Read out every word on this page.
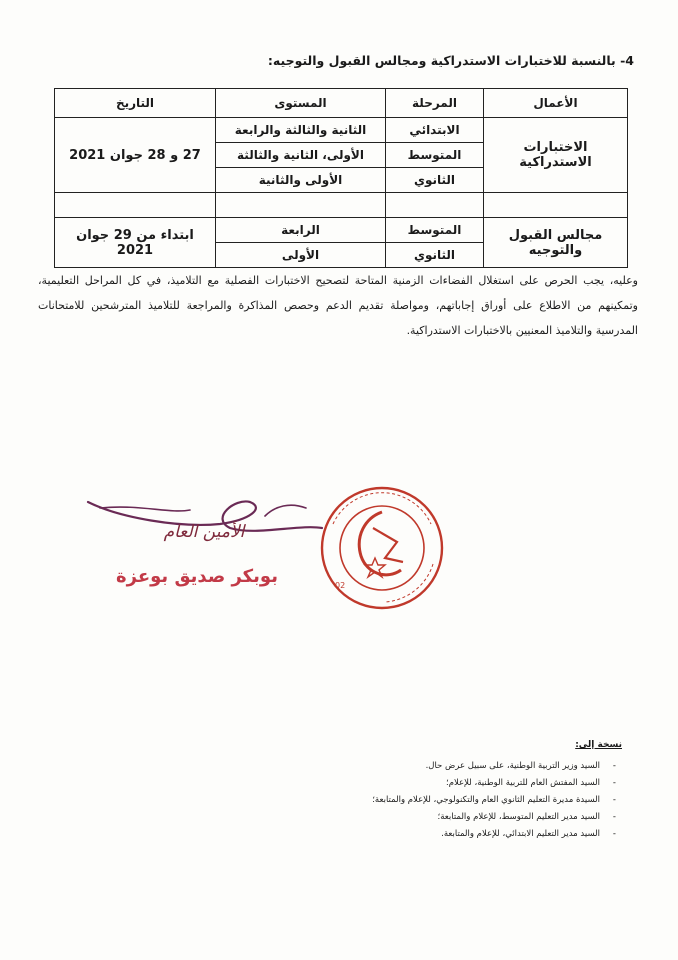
4- بالنسبة للاختبارات الاستدراكية ومجالس القبول والتوجيه:
الأعمال	المرحلة	المستوى	التاريخ
الاختبارات الاستدراكية	الابتدائي	الثانية والثالثة والرابعة	27 و 28 جوان 2021
	المتوسط	الأولى، الثانية والثالثة	
	الثانوي	الأولى والثانية	

مجالس القبول والتوجيه	المتوسط	الرابعة	ابتداء من 29 جوان 2021
	الثانوي	الأولى	
وعليه، يجب الحرص على استغلال الفضاءات الزمنية المتاحة لتصحيح الاختبارات الفصلية مع التلاميذ، في كل المراحل التعليمية، وتمكينهم من الاطلاع على أوراق إجاباتهم، ومواصلة تقديم الدعم وحصص المذاكرة والمراجعة للتلاميذ المترشحين للامتحانات المدرسية والتلاميذ المعنيين بالاختبارات الاستدراكية.
الأمين العام
بوبكر صديق بوعزة	02
نسخة إلى:
- السيد وزير التربية الوطنية، على سبيل عرض حال.
- السيد المفتش العام للتربية الوطنية، للإعلام؛
- السيدة مديرة التعليم الثانوي العام والتكنولوجي، للإعلام والمتابعة؛
- السيد مدير التعليم المتوسط، للإعلام والمتابعة؛
- السيد مدير التعليم الابتدائي، للإعلام والمتابعة.
